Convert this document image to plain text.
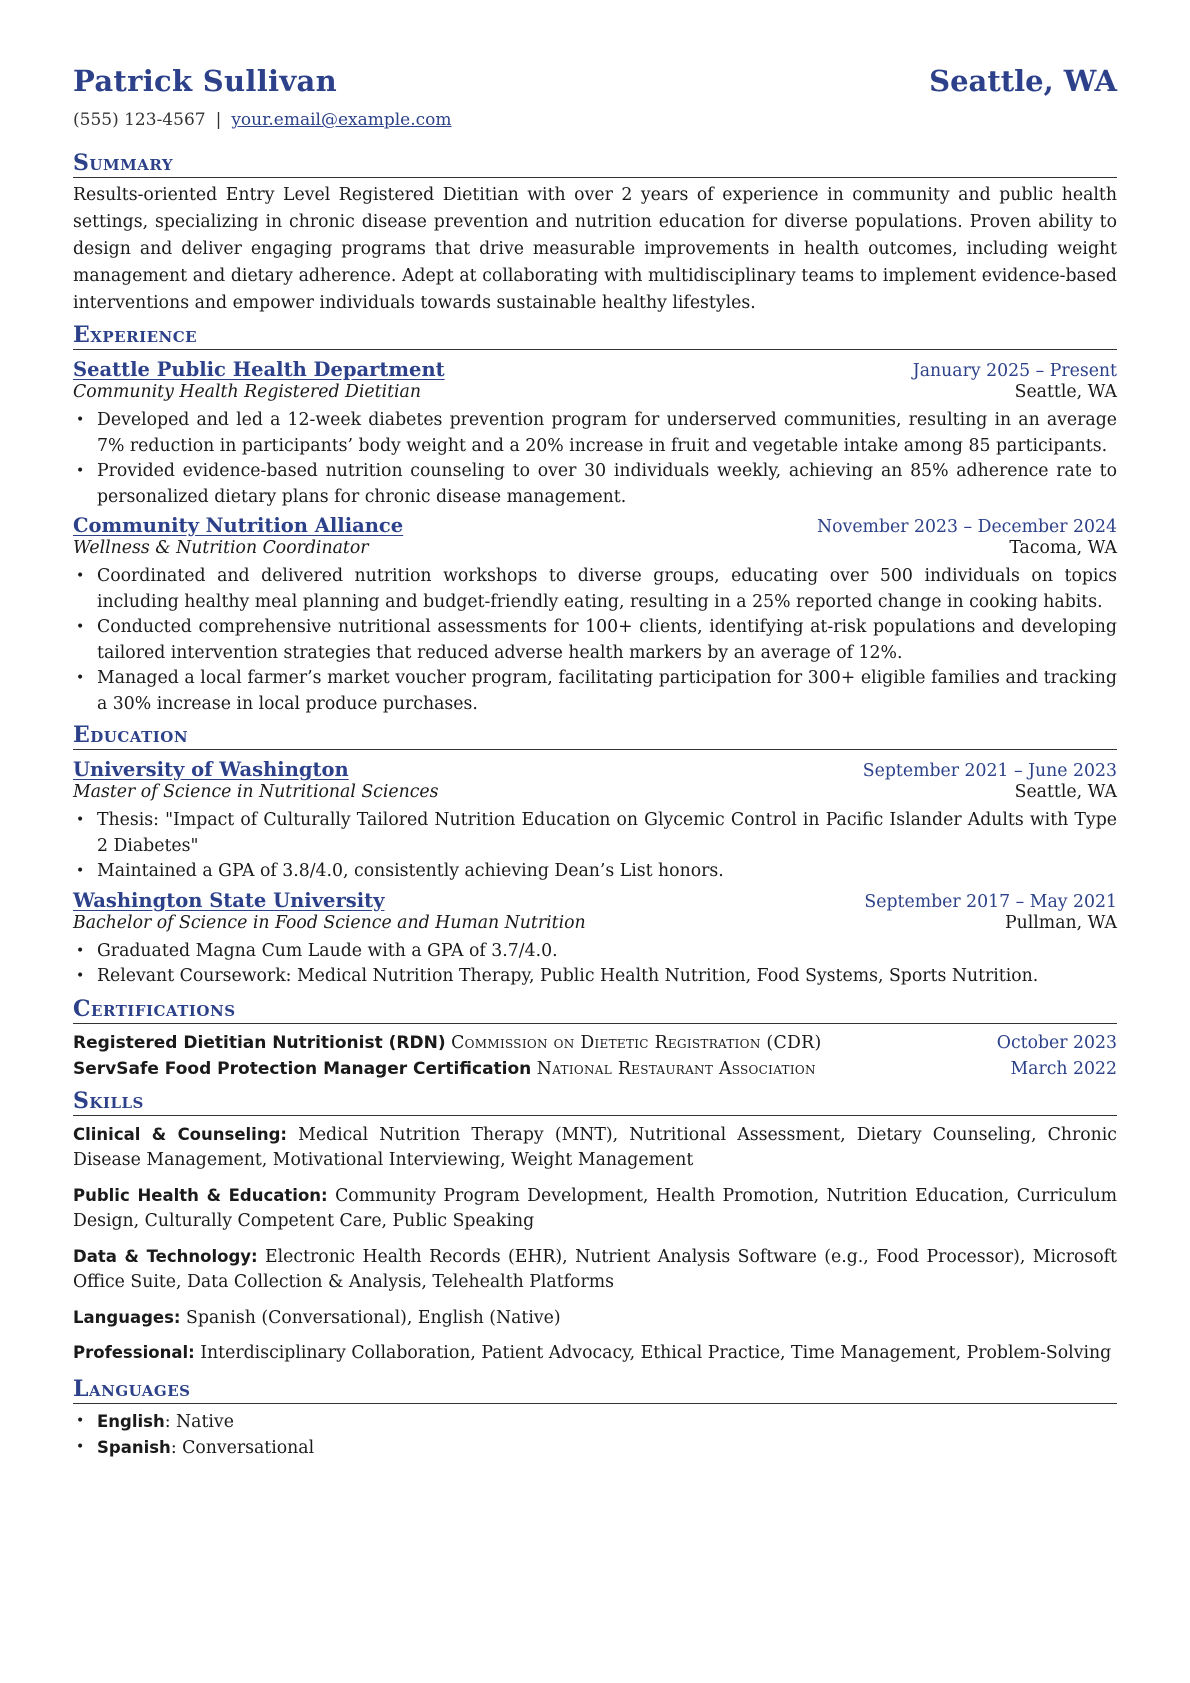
Patrick Sullivan	Seattle, WA
(555) 123-4567 | your.email@example.com
Summary

Results-oriented Entry Level Registered Dietitian with over 2 years of experience in community and public health settings, specializing in chronic disease prevention and nutrition education for diverse populations. Proven ability to design and deliver engaging programs that drive measurable improvements in health outcomes, including weight management and dietary adherence. Adept at collaborating with multidisciplinary teams to implement evidence-based interventions and empower individuals towards sustainable healthy lifestyles.

Experience
Seattle Public Health Department	January 2025 – Present
Community Health Registered Dietitian	Seattle, WA
• Developed and led a 12-week diabetes prevention program for underserved communities, resulting in an average 7% reduction in participants’ body weight and a 20% increase in fruit and vegetable intake among 85 participants.
• Provided evidence-based nutrition counseling to over 30 individuals weekly, achieving an 85% adherence rate to personalized dietary plans for chronic disease management.
Community Nutrition Alliance	November 2023 – December 2024
Wellness & Nutrition Coordinator	Tacoma, WA
• Coordinated and delivered nutrition workshops to diverse groups, educating over 500 individuals on topics including healthy meal planning and budget-friendly eating, resulting in a 25% reported change in cooking habits.
• Conducted comprehensive nutritional assessments for 100+ clients, identifying at-risk populations and developing tailored intervention strategies that reduced adverse health markers by an average of 12%.
• Managed a local farmer’s market voucher program, facilitating participation for 300+ eligible families and tracking a 30% increase in local produce purchases.
Education
University of Washington	September 2021 – June 2023
Master of Science in Nutritional Sciences	Seattle, WA
• Thesis: "Impact of Culturally Tailored Nutrition Education on Glycemic Control in Pacific Islander Adults with Type 2 Diabetes"
• Maintained a GPA of 3.8/4.0, consistently achieving Dean’s List honors.
Washington State University	September 2017 – May 2021
Bachelor of Science in Food Science and Human Nutrition	Pullman, WA
• Graduated Magna Cum Laude with a GPA of 3.7/4.0.
• Relevant Coursework: Medical Nutrition Therapy, Public Health Nutrition, Food Systems, Sports Nutrition.
Certifications
Registered Dietitian Nutritionist (RDN) Commission on Dietetic Registration (CDR)	October 2023
ServSafe Food Protection Manager Certification National Restaurant Association	March 2022
Skills

Clinical & Counseling: Medical Nutrition Therapy (MNT), Nutritional Assessment, Dietary Counseling, Chronic Disease Management, Motivational Interviewing, Weight Management

Public Health & Education: Community Program Development, Health Promotion, Nutrition Education, Curriculum Design, Culturally Competent Care, Public Speaking

Data & Technology: Electronic Health Records (EHR), Nutrient Analysis Software (e.g., Food Processor), Microsoft Office Suite, Data Collection & Analysis, Telehealth Platforms

Languages: Spanish (Conversational), English (Native)

Professional: Interdisciplinary Collaboration, Patient Advocacy, Ethical Practice, Time Management, Problem-Solving

Languages
• English: Native
• Spanish: Conversational
